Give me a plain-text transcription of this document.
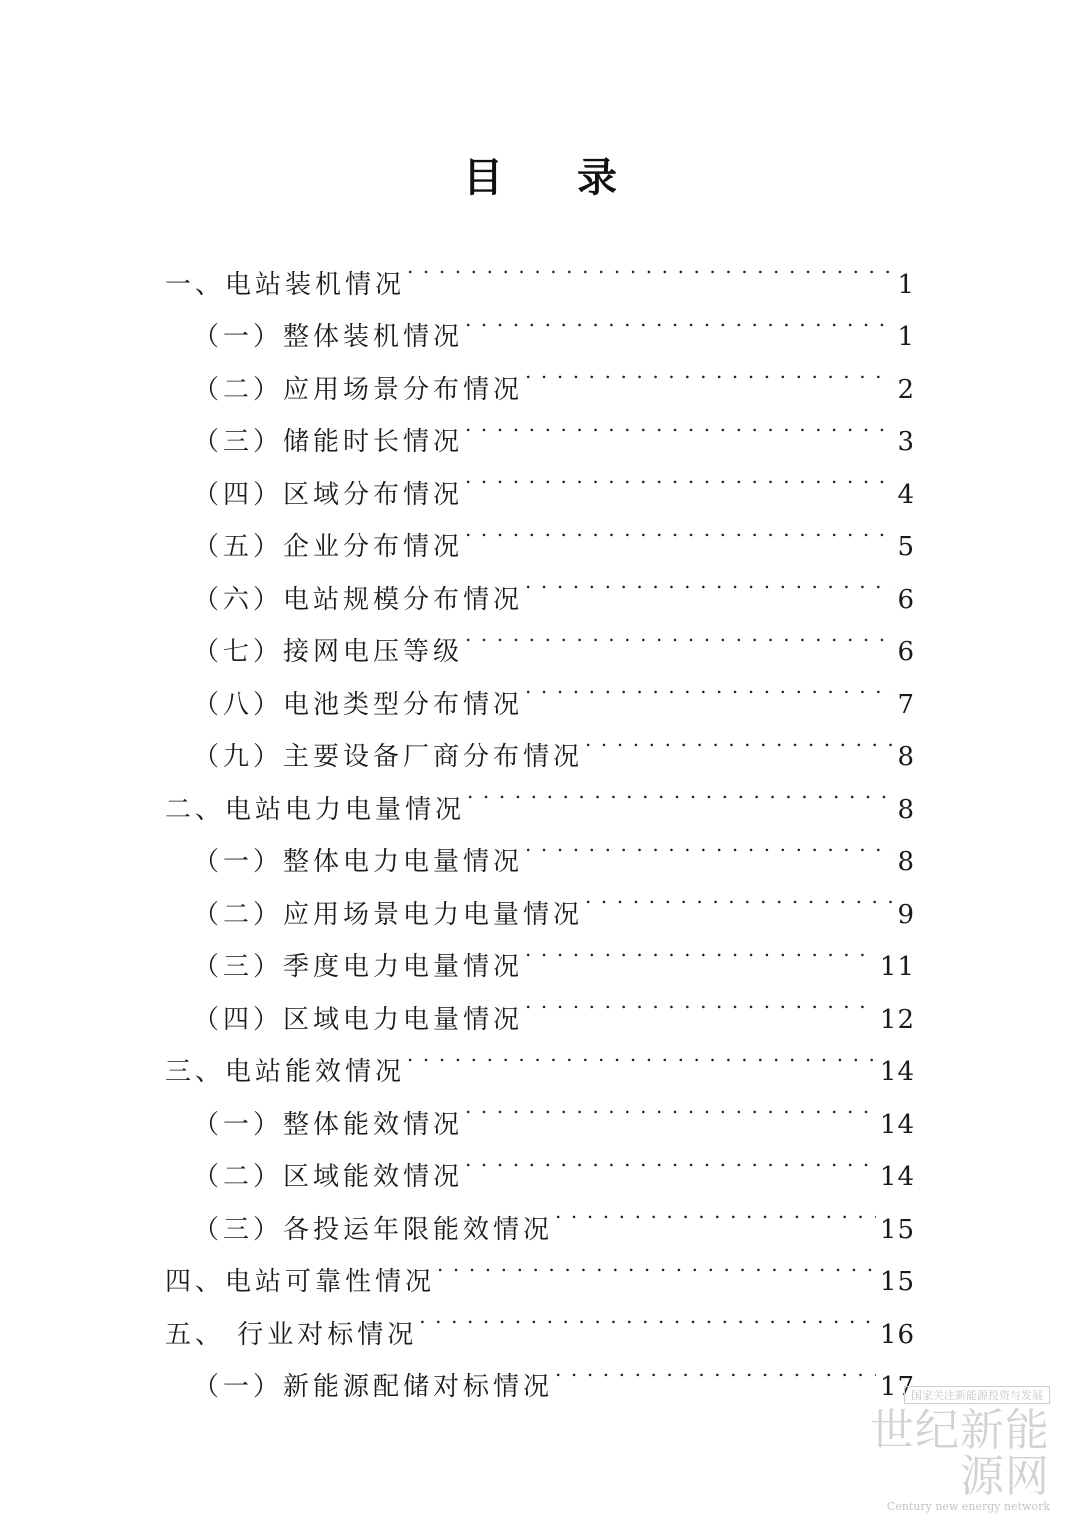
目 录
一、电站装机情况 . . .	1
（一）整体装机情况 . . .	1
（二）应用场景分布情况 . . .	2
（三）储能时长情况 . . .	3
（四）区域分布情况 . . .	4
（五）企业分布情况 . . .	5
（六）电站规模分布情况 . . .	6
（七）接网电压等级 . . .	6
（八）电池类型分布情况 . . .	7
（九）主要设备厂商分布情况 . . .	8
二、电站电力电量情况 . . .	8
（一）整体电力电量情况 . . .	8
（二）应用场景电力电量情况 . . .	9
（三）季度电力电量情况 . . .	11
（四）区域电力电量情况 . . .	12
三、电站能效情况 . . .	14
（一）整体能效情况 . . .	14
（二）区域能效情况 . . .	14
（三）各投运年限能效情况 . . .	15
四、电站可靠性情况 . . .	15
五、 行业对标情况 . . .	16
（一）新能源配储对标情况 . . .	17
国家关注新能源投资与发展
世纪新能源网
Century new energy network
